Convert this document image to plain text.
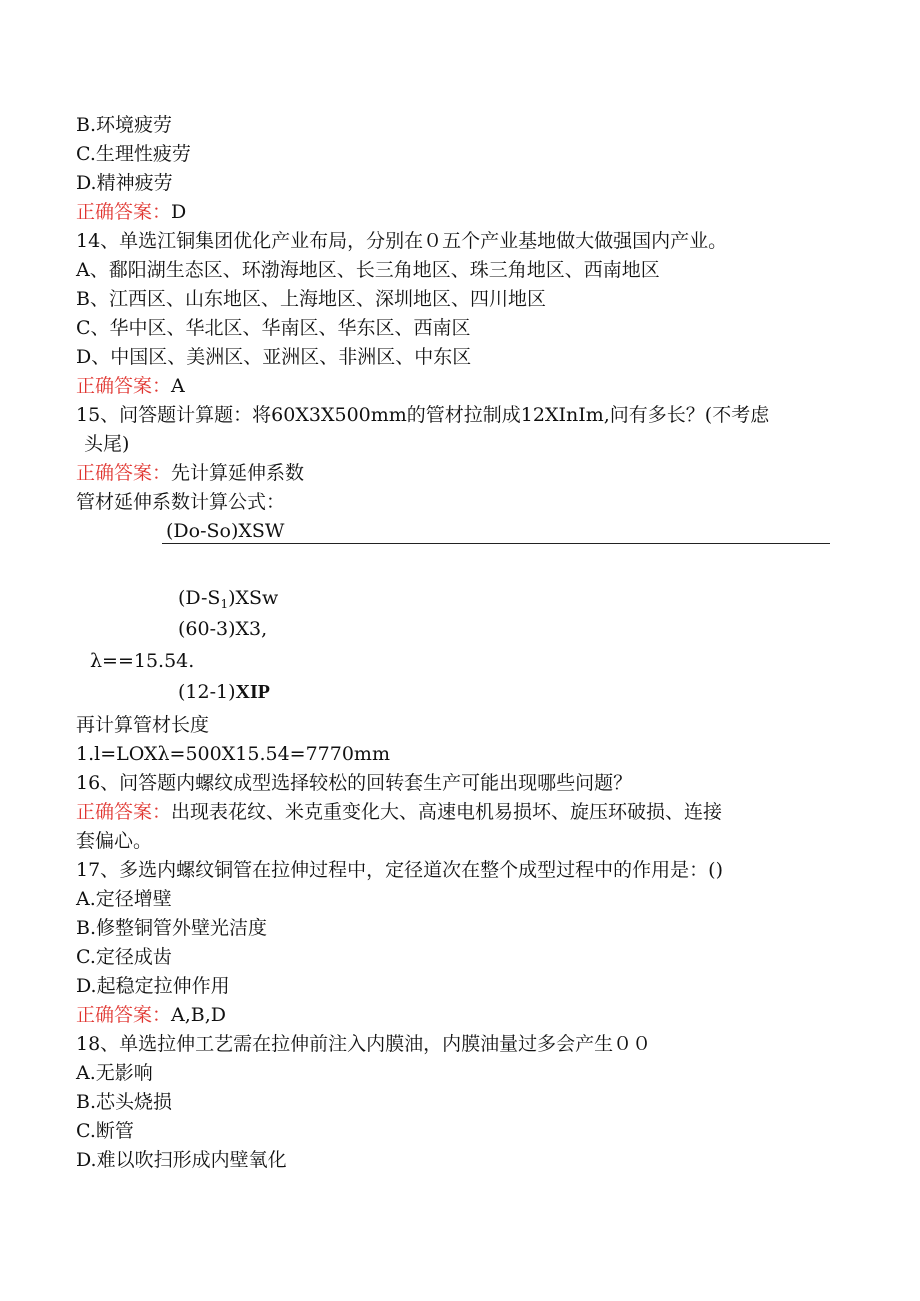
B.环境疲劳
C.生理性疲劳
D.精神疲劳
正确答案：D
14、单选江铜集团优化产业布局，分别在０五个产业基地做大做强国内产业。
A、鄱阳湖生态区、环渤海地区、长三角地区、珠三角地区、西南地区
B、江西区、山东地区、上海地区、深圳地区、四川地区
C、华中区、华北区、华南区、华东区、西南区
D、中国区、美洲区、亚洲区、非洲区、中东区
正确答案：A
15、问答题计算题：将60X3X500mm的管材拉制成12XInIm,问有多长？(不考虑
头尾)
正确答案：先计算延伸系数
管材延伸系数计算公式：
(Do-So)XSW
$(D-S_1)XSw$
(60-3)X3,
λ==15.54.
(12-1)XIP
再计算管材长度
1.l=LOXλ=500X15.54=7770mm
16、问答题内螺纹成型选择较松的回转套生产可能出现哪些问题？
正确答案：出现表花纹、米克重变化大、高速电机易损坏、旋压环破损、连接
套偏心。
17、多选内螺纹铜管在拉伸过程中，定径道次在整个成型过程中的作用是：()
A.定径增壁
B.修整铜管外壁光洁度
C.定径成齿
D.起稳定拉伸作用
正确答案：A,B,D
18、单选拉伸工艺需在拉伸前注入内膜油，内膜油量过多会产生００
A.无影响
B.芯头烧损
C.断管
D.难以吹扫形成内壁氧化
